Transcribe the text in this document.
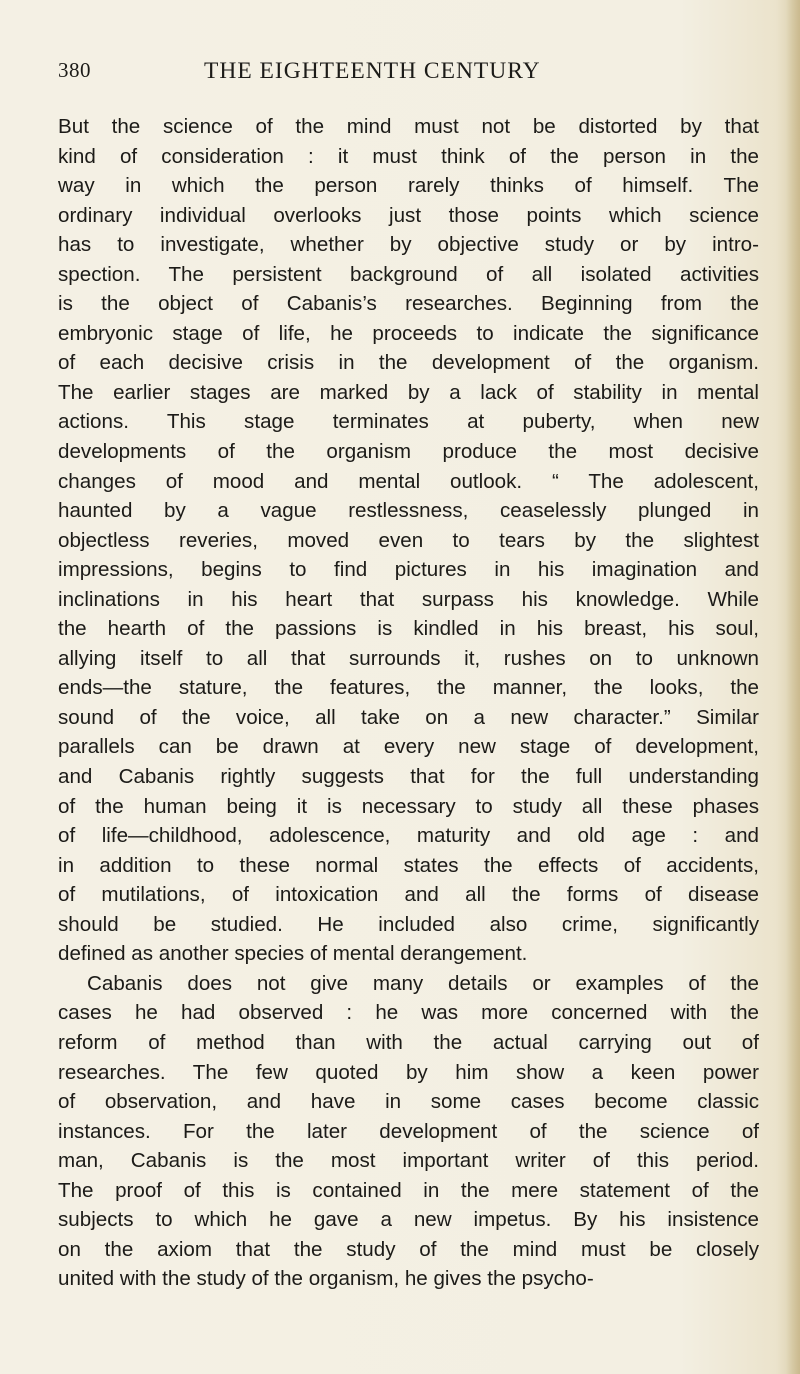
380	THE EIGHTEENTH CENTURY
But the science of the mind must not be distorted by that
kind of consideration : it must think of the person in the
way in which the person rarely thinks of himself. The
ordinary individual overlooks just those points which science
has to investigate, whether by objective study or by intro-
spection. The persistent background of all isolated activities
is the object of Cabanis’s researches. Beginning from the
embryonic stage of life, he proceeds to indicate the significance
of each decisive crisis in the development of the organism.
The earlier stages are marked by a lack of stability in mental
actions. This stage terminates at puberty, when new
developments of the organism produce the most decisive
changes of mood and mental outlook. “ The adolescent,
haunted by a vague restlessness, ceaselessly plunged in
objectless reveries, moved even to tears by the slightest
impressions, begins to find pictures in his imagination and
inclinations in his heart that surpass his knowledge. While
the hearth of the passions is kindled in his breast, his soul,
allying itself to all that surrounds it, rushes on to unknown
ends—the stature, the features, the manner, the looks, the
sound of the voice, all take on a new character.” Similar
parallels can be drawn at every new stage of development,
and Cabanis rightly suggests that for the full understanding
of the human being it is necessary to study all these phases
of life—childhood, adolescence, maturity and old age : and
in addition to these normal states the effects of accidents,
of mutilations, of intoxication and all the forms of disease
should be studied. He included also crime, significantly
defined as another species of mental derangement.
Cabanis does not give many details or examples of the
cases he had observed : he was more concerned with the
reform of method than with the actual carrying out of
researches. The few quoted by him show a keen power
of observation, and have in some cases become classic
instances. For the later development of the science of
man, Cabanis is the most important writer of this period.
The proof of this is contained in the mere statement of the
subjects to which he gave a new impetus. By his insistence
on the axiom that the study of the mind must be closely
united with the study of the organism, he gives the psycho-
